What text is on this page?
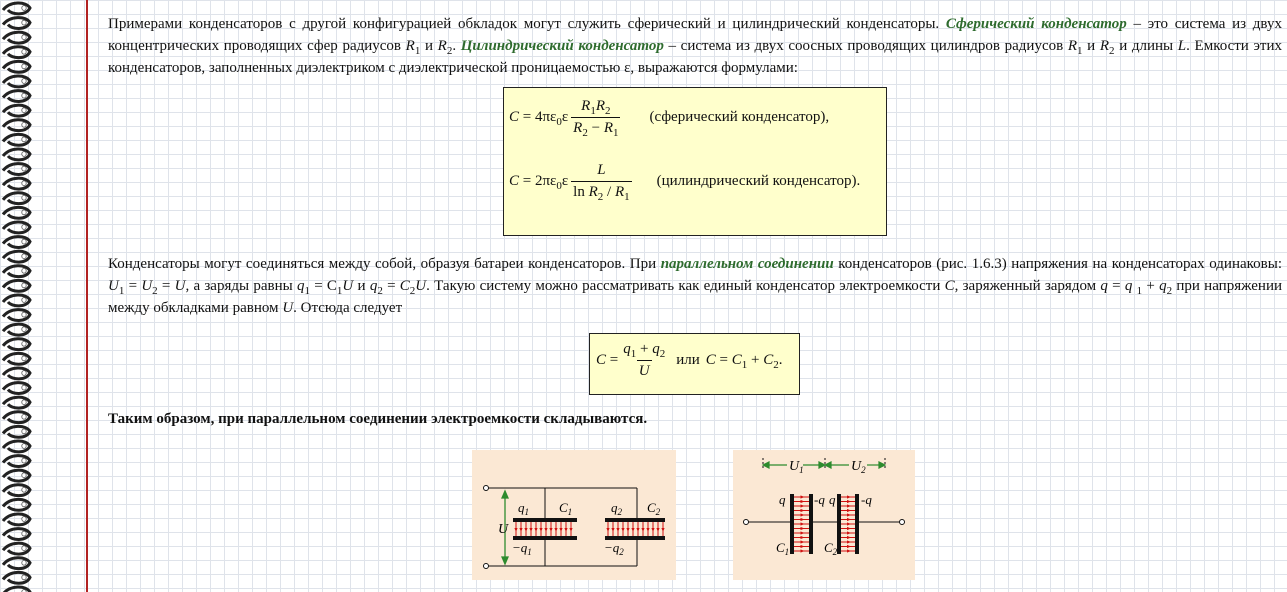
Примерами конденсаторов с другой конфигурацией обкладок могут служить сферический и цилиндрический конденсаторы. Сферический конденсатор – это система из двух концентрических проводящих сфер радиусов $R_1$ и $R_2$. Цилиндрический конденсатор – система из двух соосных проводящих цилиндров радиусов $R_1$ и $R_2$ и длины L. Емкости этих конденсаторов, заполненных диэлектриком с диэлектрической проницаемостью ε, выражаются формулами:

$C = 4\pi\varepsilon_0\varepsilon \frac{R_1R_2}{R_2 - R_1}$ (сферический конденсатор),
$C = 2\pi\varepsilon_0\varepsilon \frac{L}{\ln R_2 / R_1}$ (цилиндрический конденсатор).

Конденсаторы могут соединяться между собой, образуя батареи конденсаторов. При параллельном соединении конденсаторов (рис. 1.6.3) напряжения на конденсаторах одинаковы: $U_1 = U_2 = U$, а заряды равны $q_1 = C_1U$ и $q_2 = C_2U$. Такую систему можно рассматривать как единый конденсатор электроемкости C, заряженный зарядом q = q $_1 + q_2$ при напряжении между обкладками равном U. Отсюда следует

$C = \frac{q_1 + q_2}{U}$ или $C = C_1 + C_2$.
Таким образом, при параллельном соединении электроемкости складываются.
U
$q_1$ $C_1$	$q_2$ $C_2$
$-q_1$	$-q_2$
$U_1$	$U_2$
q -q q -q
$C_1$	$C_2$
